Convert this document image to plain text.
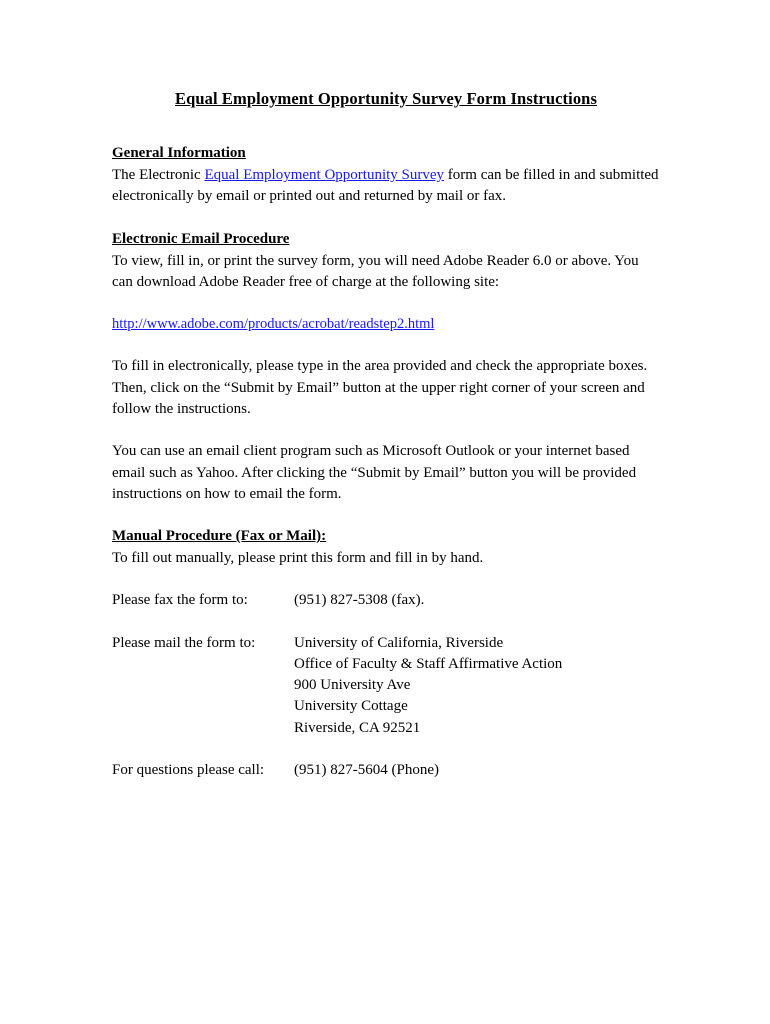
Equal Employment Opportunity Survey Form Instructions
General Information

The Electronic Equal Employment Opportunity Survey form can be filled in and submitted electronically by email or printed out and returned by mail or fax.

Electronic Email Procedure

To view, fill in, or print the survey form, you will need Adobe Reader 6.0 or above. You can download Adobe Reader free of charge at the following site:

http://www.adobe.com/products/acrobat/readstep2.html

To fill in electronically, please type in the area provided and check the appropriate boxes. Then, click on the “Submit by Email” button at the upper right corner of your screen and follow the instructions.

You can use an email client program such as Microsoft Outlook or your internet based email such as Yahoo. After clicking the “Submit by Email” button you will be provided instructions on how to email the form.

Manual Procedure (Fax or Mail):

To fill out manually, please print this form and fill in by hand.

Please fax the form to:	(951) 827-5308 (fax).
Please mail the form to:	University of California, Riverside
Office of Faculty & Staff Affirmative Action
900 University Ave
University Cottage
Riverside, CA 92521
For questions please call:	(951) 827-5604 (Phone)
